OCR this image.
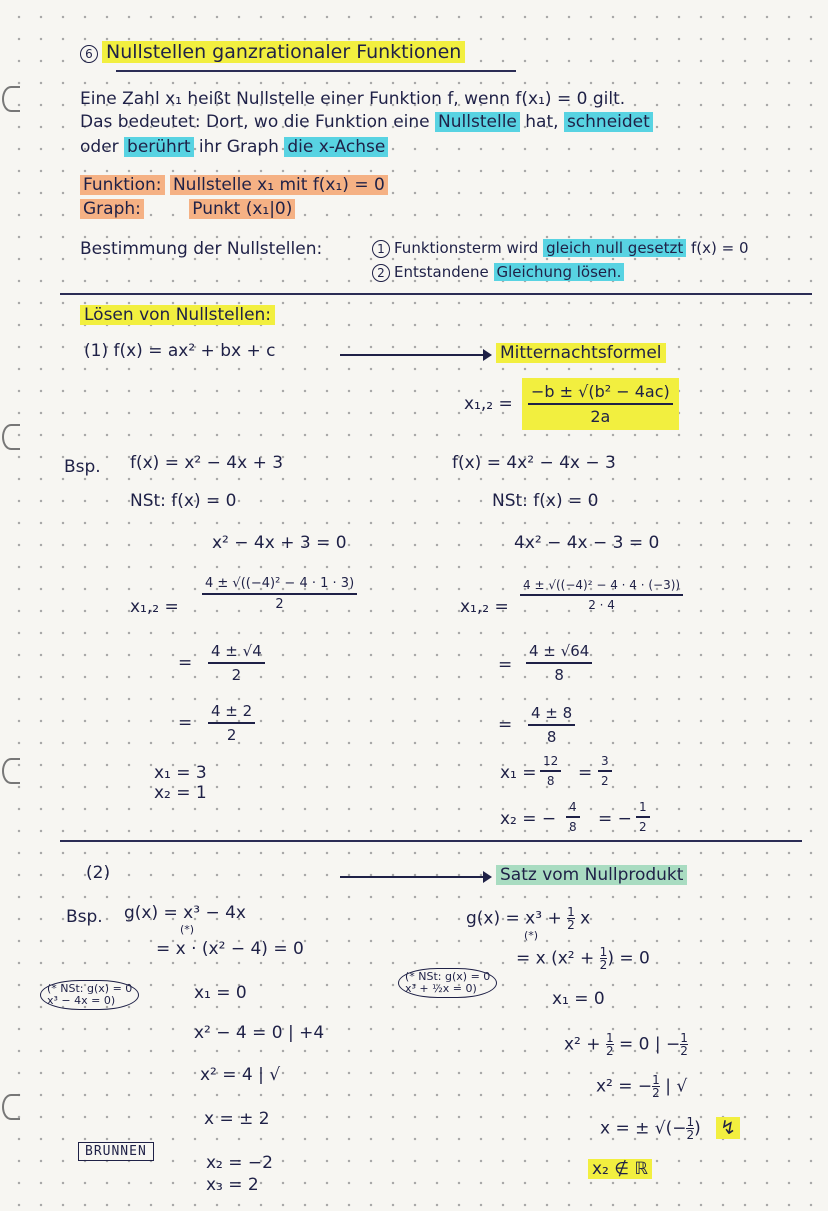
6 Nullstellen ganzrationaler Funktionen
Eine Zahl x₁ heißt Nullstelle einer Funktion f, wenn f(x₁) = 0 gilt.
Das bedeutet: Dort, wo die Funktion eine Nullstelle hat, schneidet
oder berührt ihr Graph die x-Achse
Funktion: Nullstelle x₁ mit f(x₁) = 0
Graph:	Punkt (x₁|0)
Bestimmung der Nullstellen:	1 Funktionsterm wird gleich null gesetzt f(x) = 0
2 Entstandene Gleichung lösen.
Lösen von Nullstellen:
(1) f(x) = ax² + bx + c	Mitternachtsformel
x₁,₂ =
−b ± √(b² − 4ac)
2a
Bsp. f(x) = x² − 4x + 3
NSt: f(x) = 0
x² − 4x + 3 = 0
x₁,₂ =
4 ± √((−4)² − 4 · 1 · 3)
2
=
4 ± √4
2
=
4 ± 2
2
x₁ = 3
x₂ = 1
f(x) = 4x² − 4x − 3
NSt: f(x) = 0
4x² − 4x − 3 = 0
x₁,₂ =
4 ± √((−4)² − 4 · 4 · (−3))
2 · 4
=
4 ± √64
8
=
4 ± 8
8
x₁ =
12
8	=
3
2
x₂ = −
4
8 = −
1
2
(2)	Satz vom Nullprodukt
Bsp. g(x) = x³ − 4x
(*)
= x · (x² − 4) = 0
(* NSt: g(x) = 0
x³ − 4x = 0)	x₁ = 0
x² − 4 = 0 | +4
x² = 4 | √
x = ± 2
x₂ = −2
x₃ = 2
$g(x) = x^3 + \frac{1}{2}$ x
(*)
= x ($x^2 + \frac{1}{2}$ ) = 0
(* NSt: g(x) = 0
x³ + ½x = 0)
x₁ = 0
$x^2 + \frac{1}{2} = 0$ | − $\frac{1}{2}$
x² = − $\frac{1}{2}$ | √
x = ± √(− $\frac{1}{2}$ ) ↯
x₂ ∉ ℝ
BRUNNEN
